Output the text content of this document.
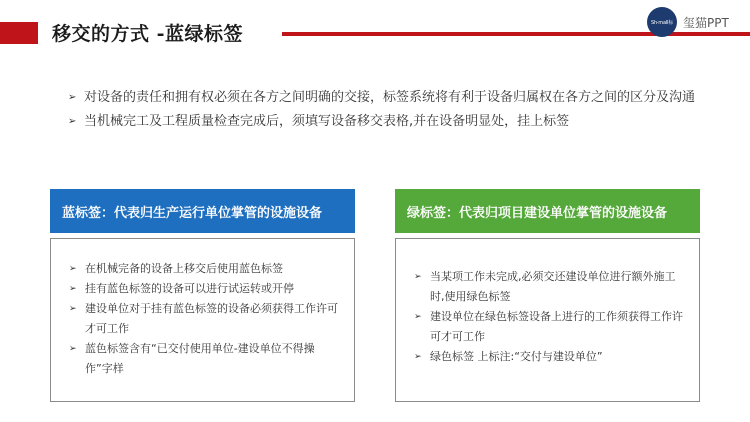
移交的方式 -蓝绿标签
Sh·mall标 玺猫PPT
➢ 对设备的责任和拥有权必须在各方之间明确的交接，标签系统将有利于设备归属权在各方之间的区分及沟通
➢ 当机械完工及工程质量检查完成后，须填写设备移交表格,并在设备明显处，挂上标签
蓝标签：代表归生产运行单位掌管的设施设备	绿标签：代表归项目建设单位掌管的设施设备
➢ 在机械完备的设备上移交后使用蓝色标签
➢ 挂有蓝色标签的设备可以进行试运转或开停
➢ 建设单位对于挂有蓝色标签的设备必须获得工作许可才可工作
➢ 蓝色标签含有“已交付使用单位-建设单位不得操作”字样
➢ 当某项工作未完成,必须交还建设单位进行额外施工时,使用绿色标签
➢ 建设单位在绿色标签设备上进行的工作须获得工作许可才可工作
➢ 绿色标签 上标注:“交付与建设单位”
